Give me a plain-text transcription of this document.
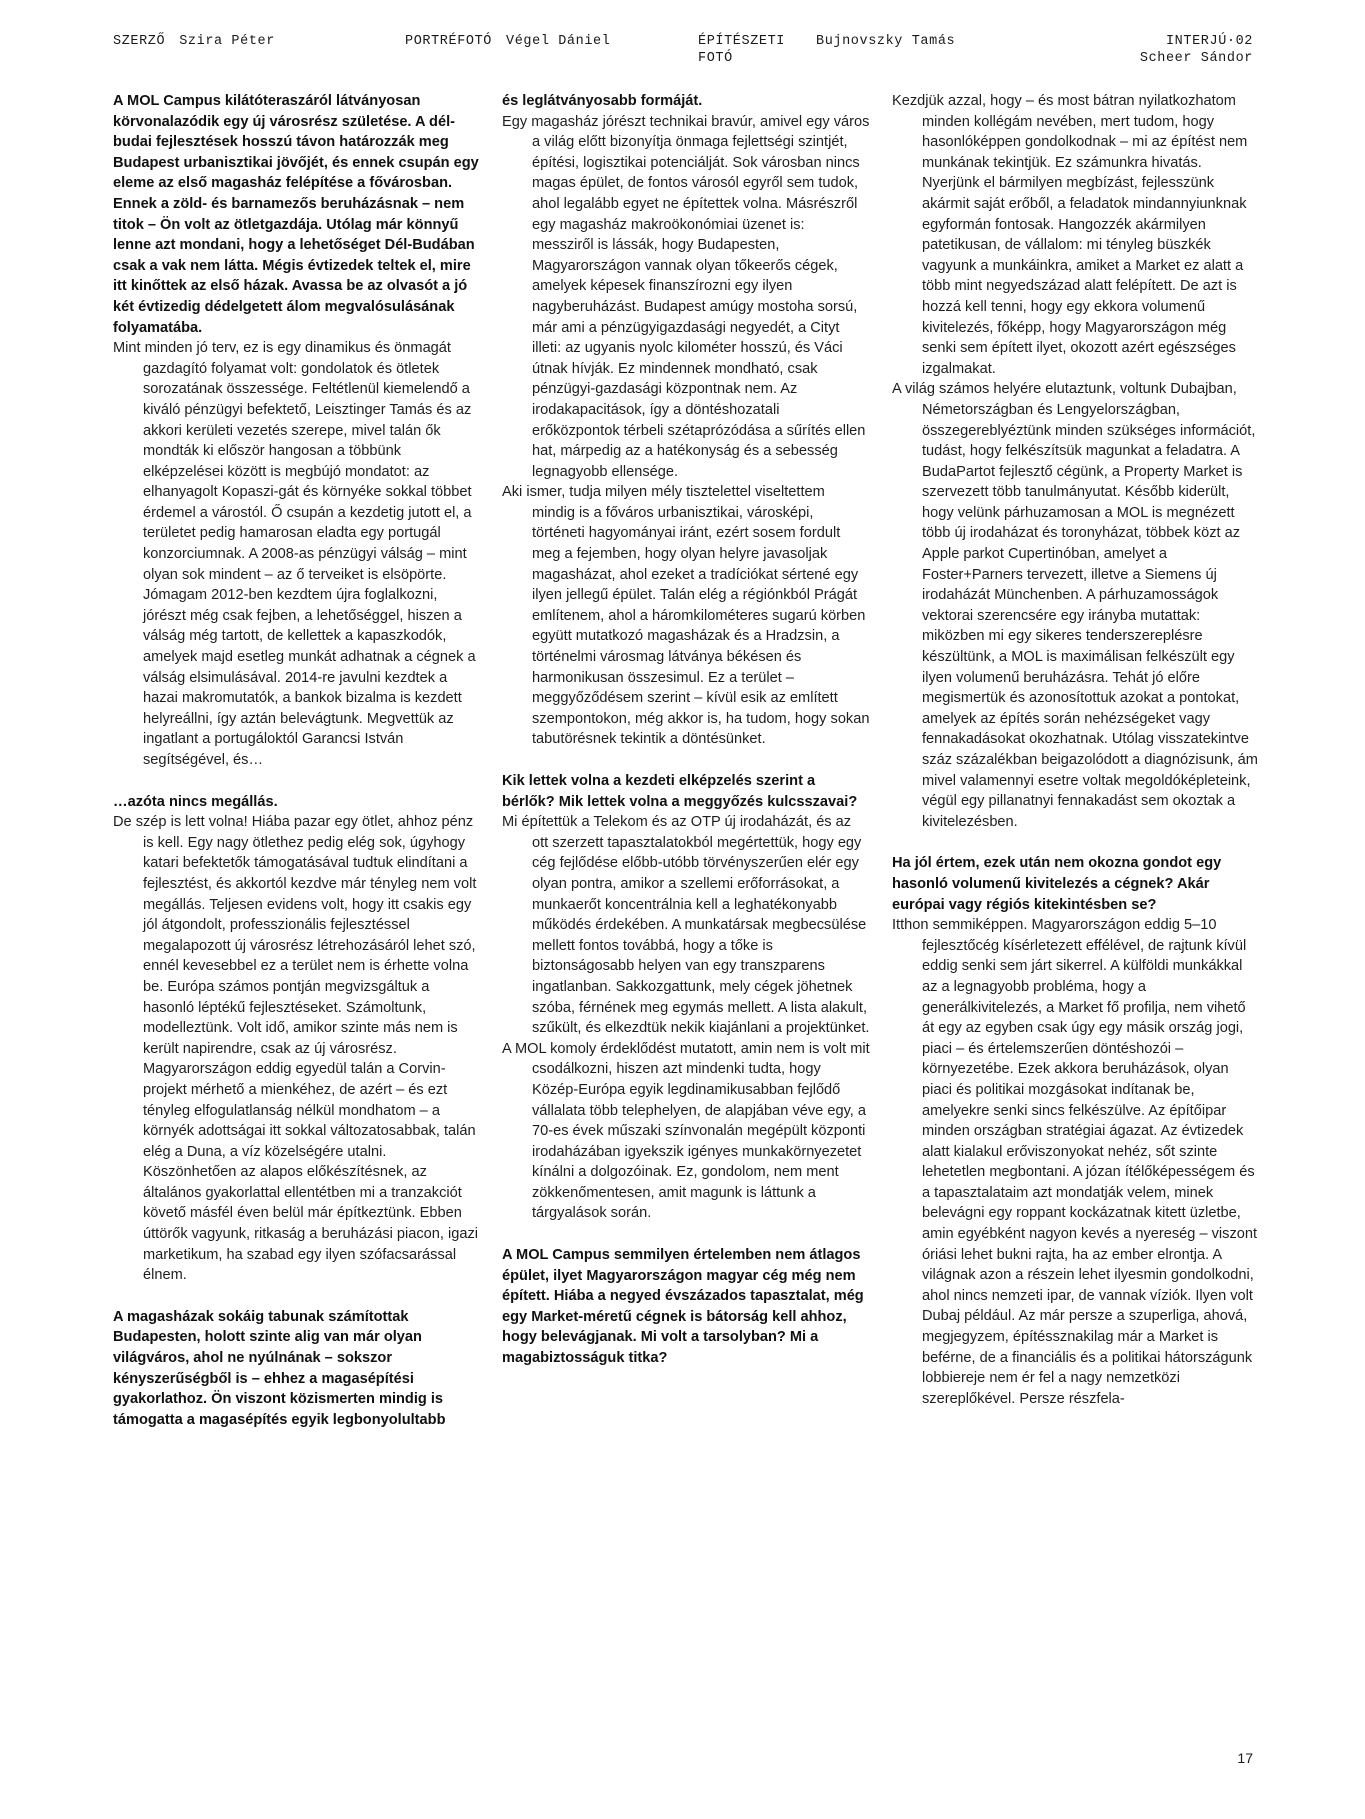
SZERZŐ Szira Péter	PORTRÉFOTÓ Végel Dániel	ÉPÍTÉSZETI
FOTÓ
Bujnovszky Tamás	INTERJÚ·02
Scheer Sándor

A MOL Campus kilátóteraszáról látványosan körvonalazódik egy új városrész születése. A dél-budai fejlesztések hosszú távon határozzák meg Budapest urbanisztikai jövőjét, és ennek csupán egy eleme az első magasház felépítése a fővárosban. Ennek a zöld- és barnamezős beruházásnak – nem titok – Ön volt az ötletgazdája. Utólag már könnyű lenne azt mondani, hogy a lehetőséget Dél-Budában csak a vak nem látta. Mégis évtizedek teltek el, mire itt kinőttek az első házak. Avassa be az olvasót a jó két évtizedig dédelgetett álom megvalósulásának folyamatába.

Mint minden jó terv, ez is egy dinamikus és önmagát gazdagító folyamat volt: gondolatok és ötletek sorozatának összessége. Feltétlenül kiemelendő a kiváló pénzügyi befektető, Leisztinger Tamás és az akkori kerületi vezetés szerepe, mivel talán ők mondták ki először hangosan a többünk elképzelései között is megbújó mondatot: az elhanyagolt Kopaszi-gát és környéke sokkal többet érdemel a várostól. Ő csupán a kezdetig jutott el, a területet pedig hamarosan eladta egy portugál konzorciumnak. A 2008-as pénzügyi válság – mint olyan sok mindent – az ő terveiket is elsöpörte. Jómagam 2012-ben kezdtem újra foglalkozni, jórészt még csak fejben, a lehetőséggel, hiszen a válság még tartott, de kellettek a kapaszkodók, amelyek majd esetleg munkát adhatnak a cégnek a válság elsimulásával. 2014-re javulni kezdtek a hazai makromutatók, a bankok bizalma is kezdett helyreállni, így aztán belevágtunk. Megvettük az ingatlant a portugáloktól Garancsi István segítségével, és…

…azóta nincs megállás.

De szép is lett volna! Hiába pazar egy ötlet, ahhoz pénz is kell. Egy nagy ötlethez pedig elég sok, úgyhogy katari befektetők támogatásával tudtuk elindítani a fejlesztést, és akkortól kezdve már tényleg nem volt megállás. Teljesen evidens volt, hogy itt csakis egy jól átgondolt, professzionális fejlesztéssel megalapozott új városrész létrehozásáról lehet szó, ennél kevesebbel ez a terület nem is érhette volna be. Európa számos pontján megvizsgáltuk a hasonló léptékű fejlesztéseket. Számoltunk, modelleztünk. Volt idő, amikor szinte más nem is került napirendre, csak az új városrész. Magyarországon eddig egyedül talán a Corvin-projekt mérhető a mienkéhez, de azért – és ezt tényleg elfogulatlanság nélkül mondhatom – a környék adottságai itt sokkal változatosabbak, talán elég a Duna, a víz közelségére utalni. Köszönhetően az alapos előkészítésnek, az általános gyakorlattal ellentétben mi a tranzakciót követő másfél éven belül már építkeztünk. Ebben úttörők vagyunk, ritkaság a beruházási piacon, igazi marketikum, ha szabad egy ilyen szófacsarással élnem.

A magasházak sokáig tabunak számítottak Budapesten, holott szinte alig van már olyan világváros, ahol ne nyúlnának – sokszor kényszerűségből is – ehhez a magasépítési gyakorlathoz. Ön viszont közismerten mindig is támogatta a magasépítés egyik legbonyolultabb

és leglátványosabb formáját.

Egy magasház jórészt technikai bravúr, amivel egy város a világ előtt bizonyítja önmaga fejlettségi szintjét, építési, logisztikai potenciálját. Sok városban nincs magas épület, de fontos városól egyről sem tudok, ahol legalább egyet ne építettek volna. Másrészről egy magasház makroökonómiai üzenet is: messziről is lássák, hogy Budapesten, Magyarországon vannak olyan tőkeerős cégek, amelyek képesek finanszírozni egy ilyen nagyberuházást. Budapest amúgy mostoha sorsú, már ami a pénzügyigazdasági negyedét, a Cityt illeti: az ugyanis nyolc kilométer hosszú, és Váci útnak hívják. Ez mindennek mondható, csak pénzügyi-gazdasági központnak nem. Az irodakapacitások, így a döntéshozatali erőközpontok térbeli szétaprózódása a sűrítés ellen hat, márpedig az a hatékonyság és a sebesség legnagyobb ellensége.

Aki ismer, tudja milyen mély tisztelettel viseltettem mindig is a főváros urbanisztikai, városképi, történeti hagyományai iránt, ezért sosem fordult meg a fejemben, hogy olyan helyre javasoljak magasházat, ahol ezeket a tradíciókat sértené egy ilyen jellegű épület. Talán elég a régiónkból Prágát említenem, ahol a háromkilométeres sugarú körben együtt mutatkozó magasházak és a Hradzsin, a történelmi városmag látványa békésen és harmonikusan összesimul. Ez a terület – meggyőződésem szerint – kívül esik az említett szempontokon, még akkor is, ha tudom, hogy sokan tabutörésnek tekintik a döntésünket.

Kik lettek volna a kezdeti elképzelés szerint a bérlők? Mik lettek volna a meggyőzés kulcsszavai?

Mi építettük a Telekom és az OTP új irodaházát, és az ott szerzett tapasztalatokból megértettük, hogy egy cég fejlődése előbb-utóbb törvényszerűen elér egy olyan pontra, amikor a szellemi erőforrásokat, a munkaerőt koncentrálnia kell a leghatékonyabb működés érdekében. A munkatársak megbecsülése mellett fontos továbbá, hogy a tőke is biztonságosabb helyen van egy transzparens ingatlanban. Sakkozgattunk, mely cégek jöhetnek szóba, férnének meg egymás mellett. A lista alakult, szűkült, és elkezdtük nekik kiajánlani a projektünket.

A MOL komoly érdeklődést mutatott, amin nem is volt mit csodálkozni, hiszen azt mindenki tudta, hogy Közép-Európa egyik legdinamikusabban fejlődő vállalata több telephelyen, de alapjában véve egy, a 70-es évek műszaki színvonalán megépült központi irodaházában igyekszik igényes munkakörnyezetet kínálni a dolgozóinak. Ez, gondolom, nem ment zökkenőmentesen, amit magunk is láttunk a tárgyalások során.

A MOL Campus semmilyen értelemben nem átlagos épület, ilyet Magyarországon magyar cég még nem épített. Hiába a negyed évszázados tapasztalat, még egy Market-méretű cégnek is bátorság kell ahhoz, hogy belevágjanak. Mi volt a tarsolyban? Mi a magabiztosságuk titka?

Kezdjük azzal, hogy – és most bátran nyilatkozhatom minden kollégám nevében, mert tudom, hogy hasonlóképpen gondolkodnak – mi az építést nem munkának tekintjük. Ez számunkra hivatás. Nyerjünk el bármilyen megbízást, fejlesszünk akármit saját erőből, a feladatok mindannyiunknak egyformán fontosak. Hangozzék akármilyen patetikusan, de vállalom: mi tényleg büszkék vagyunk a munkáinkra, amiket a Market ez alatt a több mint negyedszázad alatt felépített. De azt is hozzá kell tenni, hogy egy ekkora volumenű kivitelezés, főképp, hogy Magyarországon még senki sem épített ilyet, okozott azért egészséges izgalmakat.

A világ számos helyére elutaztunk, voltunk Dubajban, Németországban és Lengyelországban, összegereblyéztünk minden szükséges információt, tudást, hogy felkészítsük magunkat a feladatra. A BudaPartot fejlesztő cégünk, a Property Market is szervezett több tanulmányutat. Később kiderült, hogy velünk párhuzamosan a MOL is megnézett több új irodaházat és toronyházat, többek közt az Apple parkot Cupertinóban, amelyet a Foster+Parners tervezett, illetve a Siemens új irodaházát Münchenben. A párhuzamosságok vektorai szerencsére egy irányba mutattak: miközben mi egy sikeres tenderszereplésre készültünk, a MOL is maximálisan felkészült egy ilyen volumenű beruházásra. Tehát jó előre megismertük és azonosítottuk azokat a pontokat, amelyek az építés során nehézségeket vagy fennakadásokat okozhatnak. Utólag visszatekintve száz százalékban beigazolódott a diagnózisunk, ám mivel valamennyi esetre voltak megoldóképleteink, végül egy pillanatnyi fennakadást sem okoztak a kivitelezésben.

Ha jól értem, ezek után nem okozna gondot egy hasonló volumenű kivitelezés a cégnek? Akár európai vagy régiós kitekintésben se?

Itthon semmiképpen. Magyarországon eddig 5–10 fejlesztőcég kísérletezett effélével, de rajtunk kívül eddig senki sem járt sikerrel. A külföldi munkákkal az a legnagyobb probléma, hogy a generálkivitelezés, a Market fő profilja, nem vihető át egy az egyben csak úgy egy másik ország jogi, piaci – és értelemszerűen döntéshozói – környezetébe. Ezek akkora beruházások, olyan piaci és politikai mozgásokat indítanak be, amelyekre senki sincs felkészülve. Az építőipar minden országban stratégiai ágazat. Az évtizedek alatt kialakul erőviszonyokat nehéz, sőt szinte lehetetlen megbontani. A józan ítélőképességem és a tapasztalataim azt mondatják velem, minek belevágni egy roppant kockázatnak kitett üzletbe, amin egyébként nagyon kevés a nyereség – viszont óriási lehet bukni rajta, ha az ember elrontja. A világnak azon a részein lehet ilyesmin gondolkodni, ahol nincs nemzeti ipar, de vannak víziók. Ilyen volt Dubaj például. Az már persze a szuperliga, ahová, megjegyzem, építéssznakilag már a Market is beférne, de a financiális és a politikai hátországunk lobbiereje nem ér fel a nagy nemzetközi szereplőkével. Persze részfela-

17
